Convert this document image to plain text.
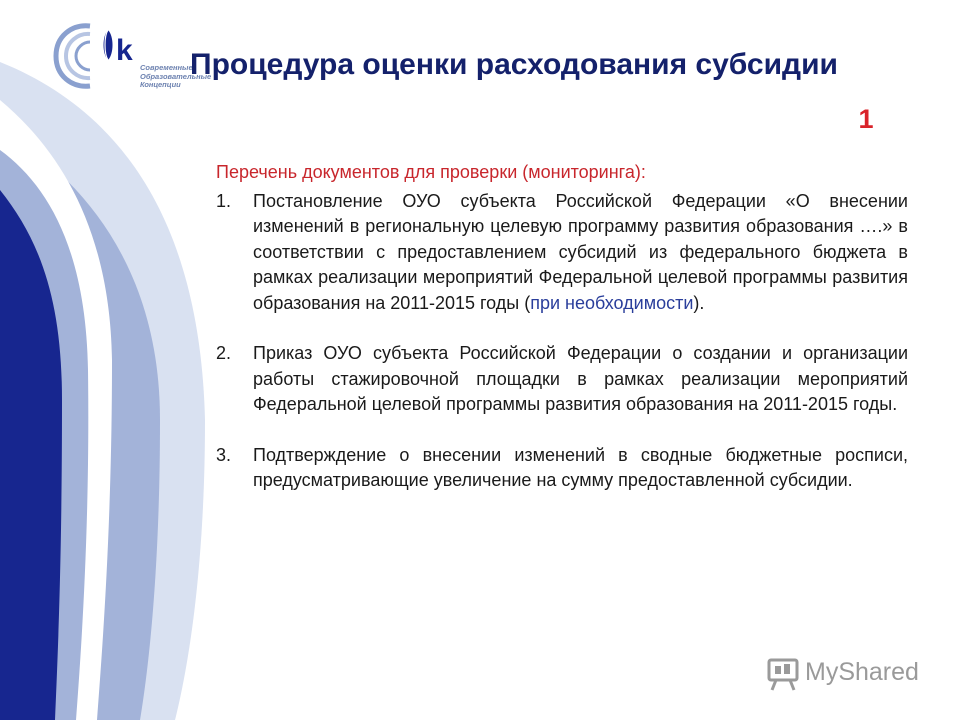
k
Современные
Образовательные
Концепции
Процедура оценки расходования субсидии
1

Перечень документов для проверки (мониторинга):

1. Постановление ОУО субъекта Российской Федерации «О внесении изменений в региональную целевую программу развития образования ….» в соответствии с предоставлением субсидий из федерального бюджета в рамках реализации мероприятий Федеральной целевой программы развития образования на 2011-2015 годы (при необходимости).

2. Приказ ОУО субъекта Российской Федерации о создании и организации работы стажировочной площадки в рамках реализации мероприятий Федеральной целевой программы развития образования на 2011-2015 годы.

3. Подтверждение о внесении изменений в сводные бюджетные росписи, предусматривающие увеличение на сумму предоставленной субсидии.

MyShared
